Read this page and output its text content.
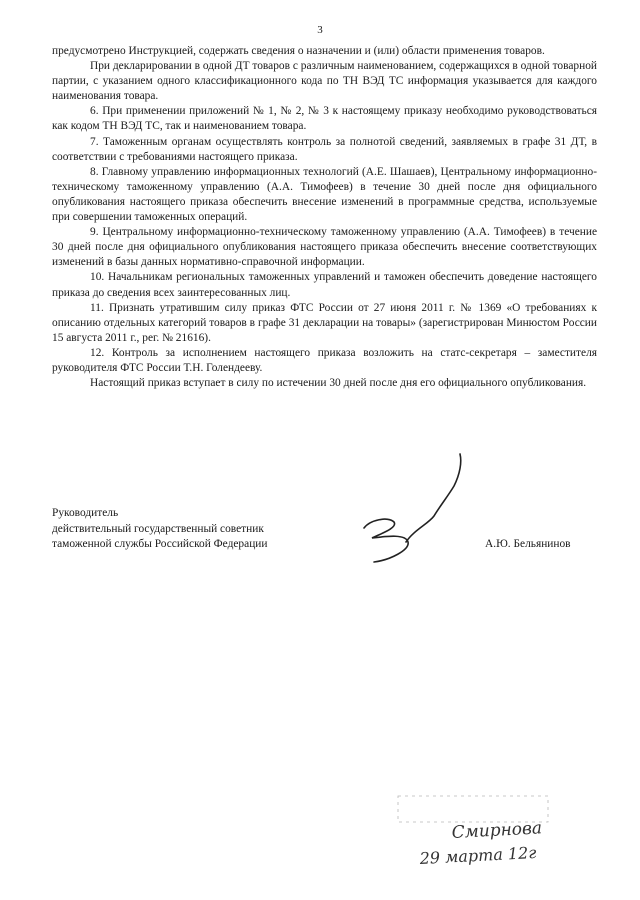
3

предусмотрено Инструкцией, содержать сведения о назначении и (или) области применения товаров.

При декларировании в одной ДТ товаров с различным наименованием, содержащихся в одной товарной партии, с указанием одного классификационного кода по ТН ВЭД ТС информация указывается для каждого наименования товара.

6. При применении приложений № 1, № 2, № 3 к настоящему приказу необходимо руководствоваться как кодом ТН ВЭД ТС, так и наименованием товара.

7. Таможенным органам осуществлять контроль за полнотой сведений, заявляемых в графе 31 ДТ, в соответствии с требованиями настоящего приказа.

8. Главному управлению информационных технологий (А.Е. Шашаев), Центральному информационно-техническому таможенному управлению (А.А. Тимофеев) в течение 30 дней после дня официального опубликования настоящего приказа обеспечить внесение изменений в программные средства, используемые при совершении таможенных операций.

9. Центральному информационно-техническому таможенному управлению (А.А. Тимофеев) в течение 30 дней после дня официального опубликования настоящего приказа обеспечить внесение соответствующих изменений в базы данных нормативно-справочной информации.

10. Начальникам региональных таможенных управлений и таможен обеспечить доведение настоящего приказа до сведения всех заинтересованных лиц.

11. Признать утратившим силу приказ ФТС России от 27 июня 2011 г. № 1369 «О требованиях к описанию отдельных категорий товаров в графе 31 декларации на товары» (зарегистрирован Минюстом России 15 августа 2011 г., рег. № 21616).

12. Контроль за исполнением настоящего приказа возложить на статс-секретаря – заместителя руководителя ФТС России Т.Н. Голендееву.

Настоящий приказ вступает в силу по истечении 30 дней после дня его официального опубликования.

Руководитель
действительный государственный советник
таможенной службы Российской Федерации	А.Ю. Бельянинов
Смирнова
29 марта 12г
